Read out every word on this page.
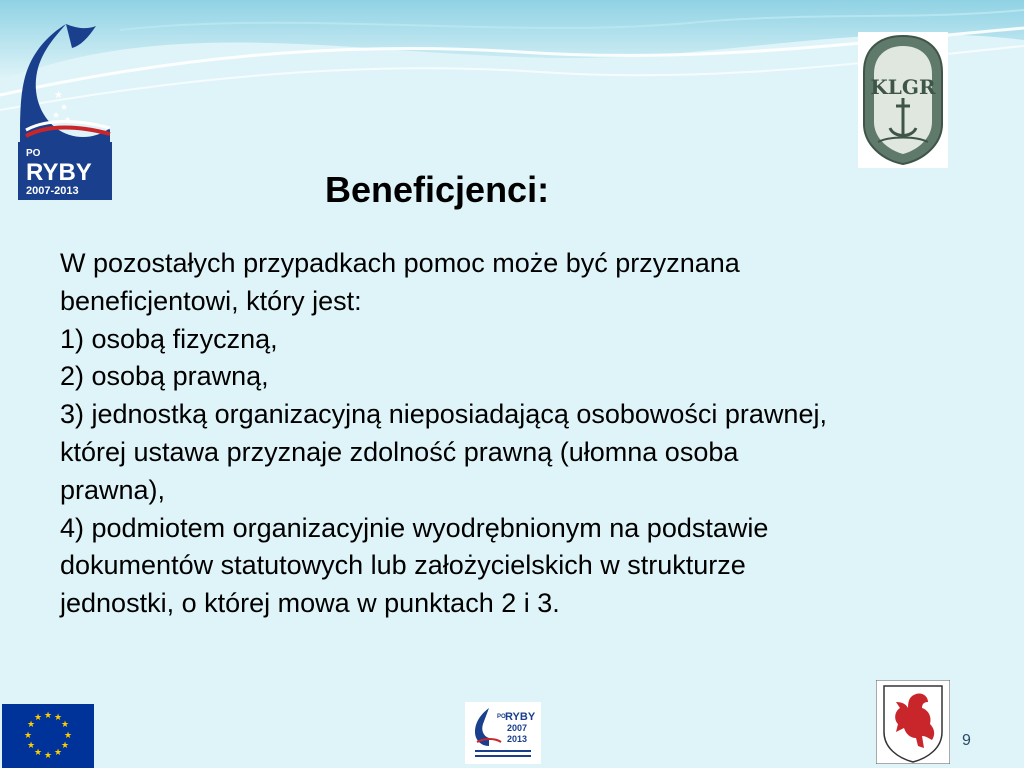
★
★
★ ★
PO
RYBY
2007-2013
KLGR
Beneficjenci:

W pozostałych przypadkach pomoc może być przyznana beneficjentowi, który jest:

1) osobą fizyczną,

2) osobą prawną,

3) jednostką organizacyjną nieposiadającą osobowości prawnej, której ustawa przyznaje zdolność prawną (ułomna osoba prawna),

4) podmiotem organizacyjnie wyodrębnionym na podstawie dokumentów statutowych lub założycielskich w strukturze jednostki, o której mowa w punktach 2 i 3.

★ ★
★
★
★
★
★
★
★
★
★
★	PO RYBY
2007
2013	9
